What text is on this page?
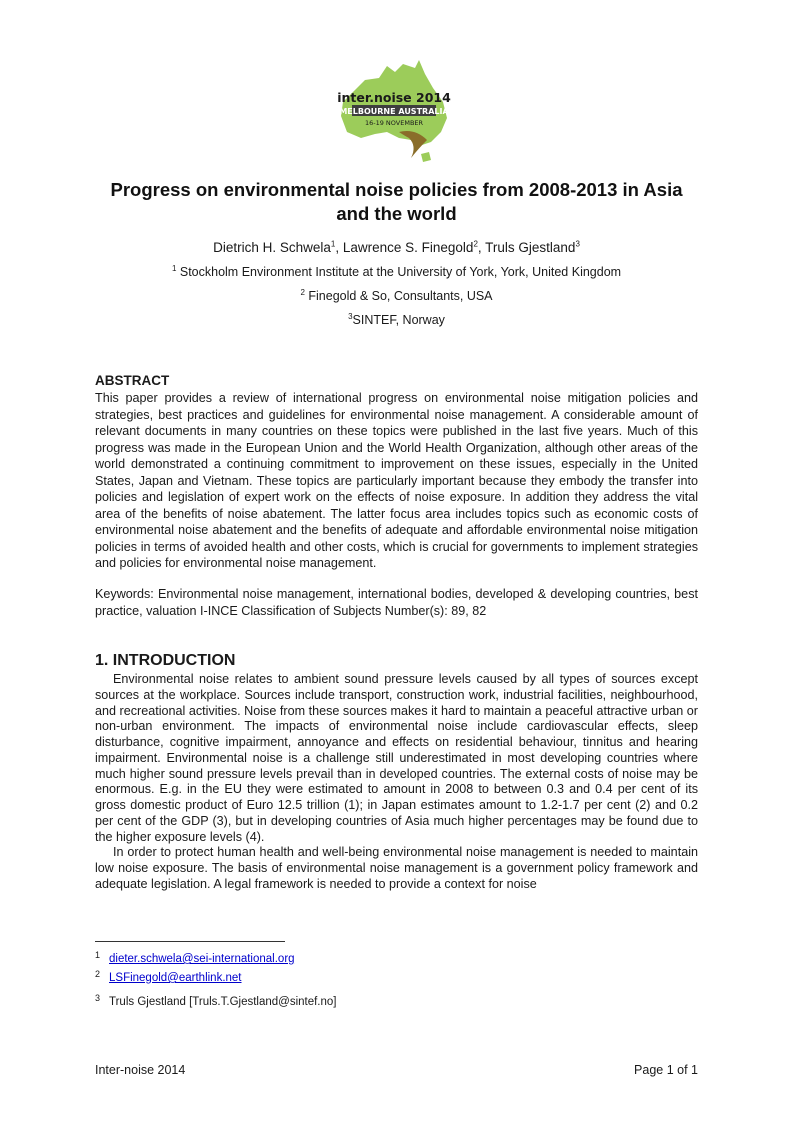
inter.noise 2014
MELBOURNE AUSTRALIA
16-19 NOVEMBER
Progress on environmental noise policies from 2008-2013 in Asia and the world
Dietrich H. Schwela$^1$, Lawrence S. Finegold$^2$, Truls Gjestland$^3$
$^1$ Stockholm Environment Institute at the University of York, York, United Kingdom
$^2$ Finegold & So, Consultants, USA
$^3$SINTEF, Norway
ABSTRACT

This paper provides a review of international progress on environmental noise mitigation policies and strategies, best practices and guidelines for environmental noise management. A considerable amount of relevant documents in many countries on these topics were published in the last five years. Much of this progress was made in the European Union and the World Health Organization, although other areas of the world demonstrated a continuing commitment to improvement on these issues, especially in the United States, Japan and Vietnam. These topics are particularly important because they embody the transfer into policies and legislation of expert work on the effects of noise exposure. In addition they address the vital area of the benefits of noise abatement. The latter focus area includes topics such as economic costs of environmental noise abatement and the benefits of adequate and affordable environmental noise mitigation policies in terms of avoided health and other costs, which is crucial for governments to implement strategies and policies for environmental noise management.

Keywords: Environmental noise management, international bodies, developed & developing countries, best practice, valuation I-INCE Classification of Subjects Number(s): 89, 82

1. INTRODUCTION

Environmental noise relates to ambient sound pressure levels caused by all types of sources except sources at the workplace. Sources include transport, construction work, industrial facilities, neighbourhood, and recreational activities. Noise from these sources makes it hard to maintain a peaceful attractive urban or non-urban environment. The impacts of environmental noise include cardiovascular effects, sleep disturbance, cognitive impairment, annoyance and effects on residential behaviour, tinnitus and hearing impairment. Environmental noise is a challenge still underestimated in most developing countries where much higher sound pressure levels prevail than in developed countries. The external costs of noise may be enormous. E.g. in the EU they were estimated to amount in 2008 to between 0.3 and 0.4 per cent of its gross domestic product of Euro 12.5 trillion (1); in Japan estimates amount to 1.2-1.7 per cent (2) and 0.2 per cent of the GDP (3), but in developing countries of Asia much higher percentages may be found due to the higher exposure levels (4).

In order to protect human health and well-being environmental noise management is needed to maintain low noise exposure. The basis of environmental noise management is a government policy framework and adequate legislation. A legal framework is needed to provide a context for noise

1 dieter.schwela@sei-international.org
2 LSFinegold@earthlink.net
3 Truls Gjestland [Truls.T.Gjestland@sintef.no]
Inter-noise 2014	Page 1 of 1
